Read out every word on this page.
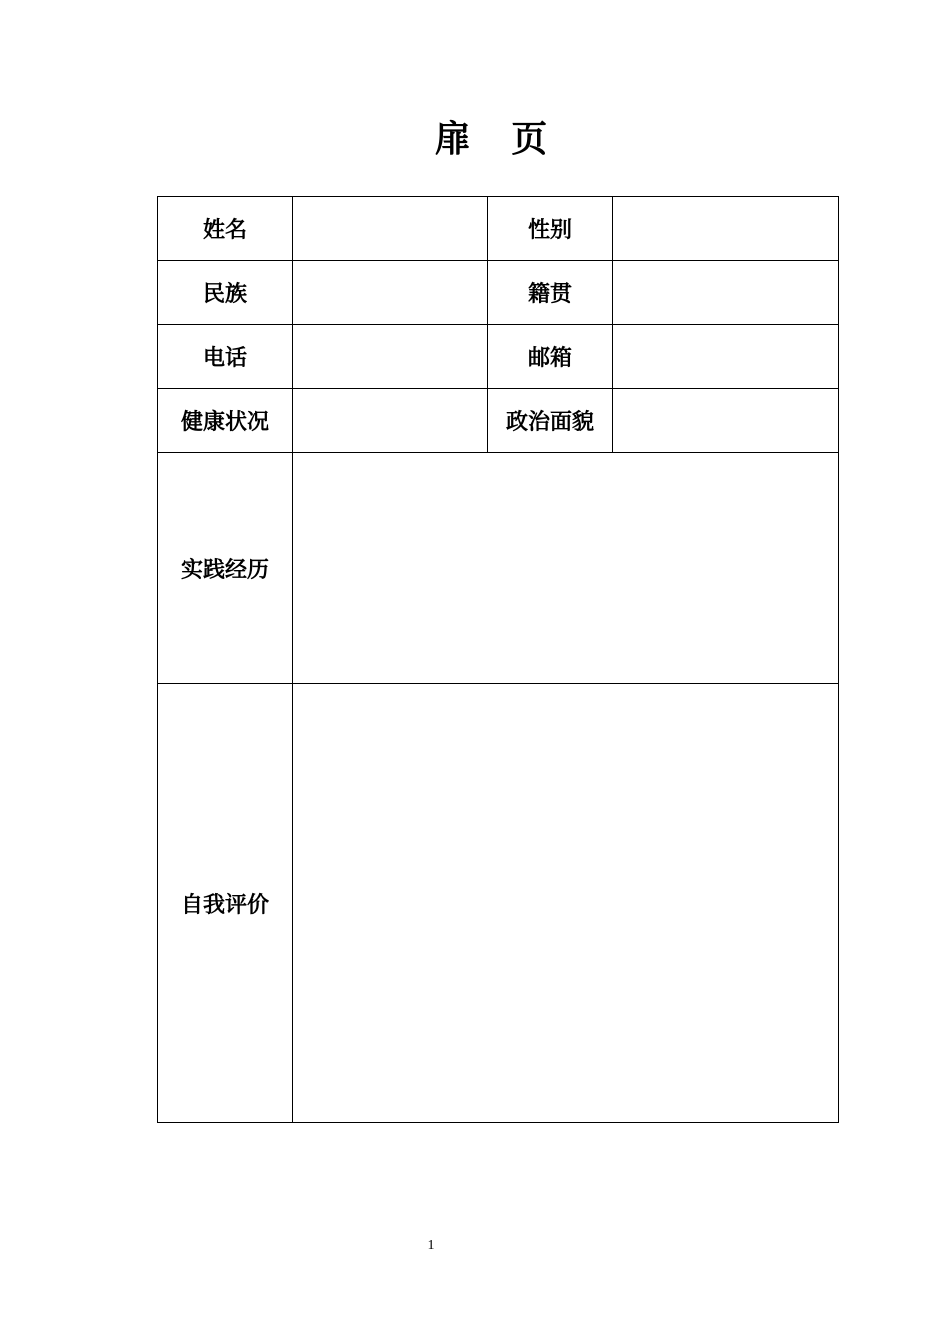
扉 页
姓名		性别	
民族		籍贯	
电话		邮箱	
健康状况		政治面貌	
实践经历			
自我评价			
1
